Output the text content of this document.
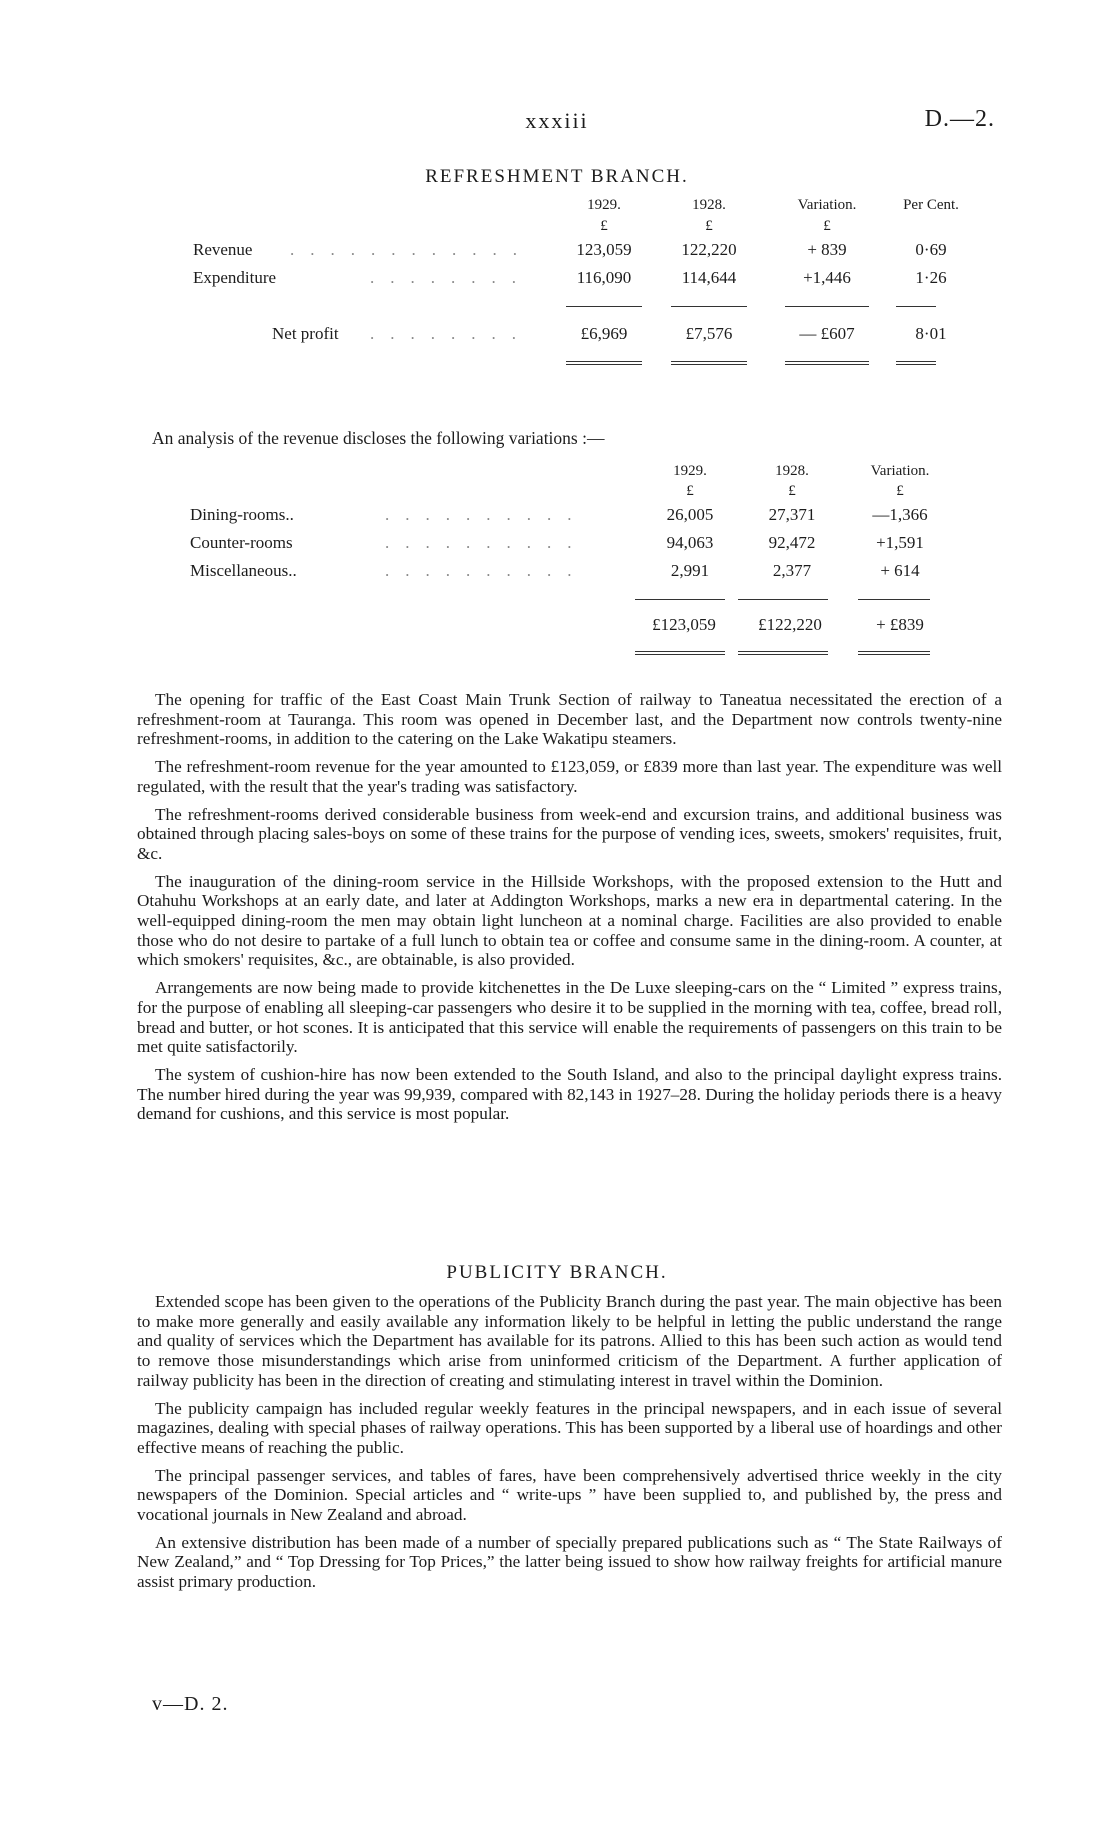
xxxiii	D.—2.
REFRESHMENT BRANCH.
1929.	1928.	Variation.	Per Cent.
£	£	£
Revenue ............	123,059	122,220	+ 839	0·69
Expenditure	........	116,090	114,644	+1,446	1·26
Net profit ........	£6,969	£7,576	— £607	8·01
An analysis of the revenue discloses the following variations :—
1929.	1928.	Variation.
£	£	£
Dining-rooms..	..........	26,005	27,371	—1,366
Counter-rooms	..........	94,063	92,472	+1,591
Miscellaneous..	..........	2,991	2,377	+ 614
£123,059	£122,220	+ £839

The opening for traffic of the East Coast Main Trunk Section of railway to Taneatua necessitated the erection of a refreshment-room at Tauranga. This room was opened in December last, and the Department now controls twenty-nine refreshment-rooms, in addition to the catering on the Lake Wakatipu steamers.

The refreshment-room revenue for the year amounted to £123,059, or £839 more than last year. The expenditure was well regulated, with the result that the year's trading was satisfactory.

The refreshment-rooms derived considerable business from week-end and excursion trains, and additional business was obtained through placing sales-boys on some of these trains for the purpose of vending ices, sweets, smokers' requisites, fruit, &c.

The inauguration of the dining-room service in the Hillside Workshops, with the proposed extension to the Hutt and Otahuhu Workshops at an early date, and later at Addington Workshops, marks a new era in departmental catering. In the well-equipped dining-room the men may obtain light luncheon at a nominal charge. Facilities are also provided to enable those who do not desire to partake of a full lunch to obtain tea or coffee and consume same in the dining-room. A counter, at which smokers' requisites, &c., are obtainable, is also provided.

Arrangements are now being made to provide kitchenettes in the De Luxe sleeping-cars on the “ Limited ” express trains, for the purpose of enabling all sleeping-car passengers who desire it to be supplied in the morning with tea, coffee, bread roll, bread and butter, or hot scones. It is anticipated that this service will enable the requirements of passengers on this train to be met quite satisfactorily.

The system of cushion-hire has now been extended to the South Island, and also to the principal daylight express trains. The number hired during the year was 99,939, compared with 82,143 in 1927–28. During the holiday periods there is a heavy demand for cushions, and this service is most popular.

PUBLICITY BRANCH.

Extended scope has been given to the operations of the Publicity Branch during the past year. The main objective has been to make more generally and easily available any information likely to be helpful in letting the public understand the range and quality of services which the Department has available for its patrons. Allied to this has been such action as would tend to remove those misunderstandings which arise from uninformed criticism of the Department. A further application of railway publicity has been in the direction of creating and stimulating interest in travel within the Dominion.

The publicity campaign has included regular weekly features in the principal newspapers, and in each issue of several magazines, dealing with special phases of railway operations. This has been supported by a liberal use of hoardings and other effective means of reaching the public.

The principal passenger services, and tables of fares, have been comprehensively advertised thrice weekly in the city newspapers of the Dominion. Special articles and “ write-ups ” have been supplied to, and published by, the press and vocational journals in New Zealand and abroad.

An extensive distribution has been made of a number of specially prepared publications such as “ The State Railways of New Zealand,” and “ Top Dressing for Top Prices,” the latter being issued to show how railway freights for artificial manure assist primary production.

v—D. 2.
